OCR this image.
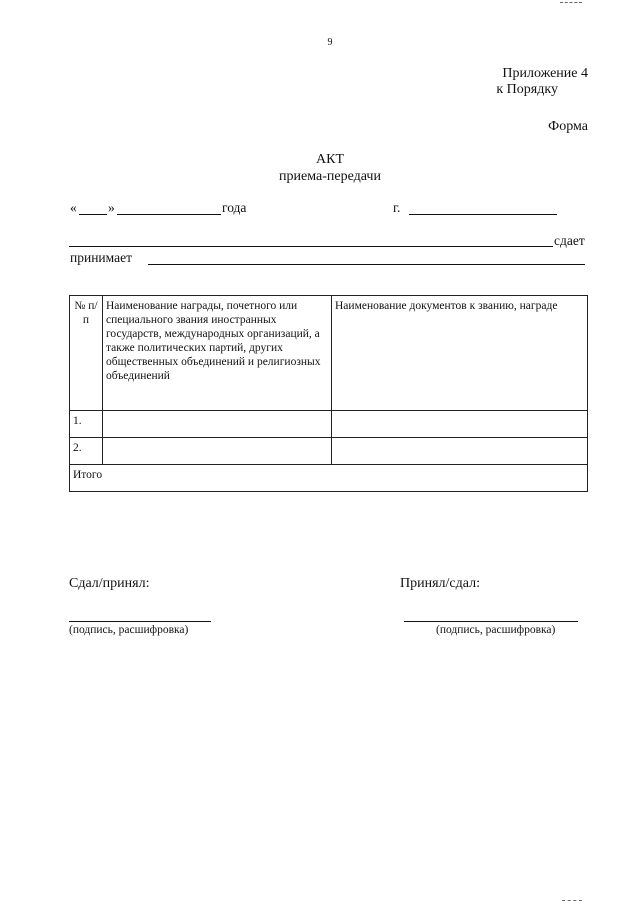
9
Приложение 4
к Порядку
Форма
АКТ
приема-передачи
« »	года	г.
сдает
принимает
№ п/п	Наименование награды, почетного или специального звания иностранных государств, международных организаций, а также политических партий, других общественных объединений и религиозных объединений	Наименование документов к званию, награде
1.		
2.		
Итого		
Сдал/принял:	Принял/сдал:
(подпись, расшифровка)	(подпись, расшифровка)
